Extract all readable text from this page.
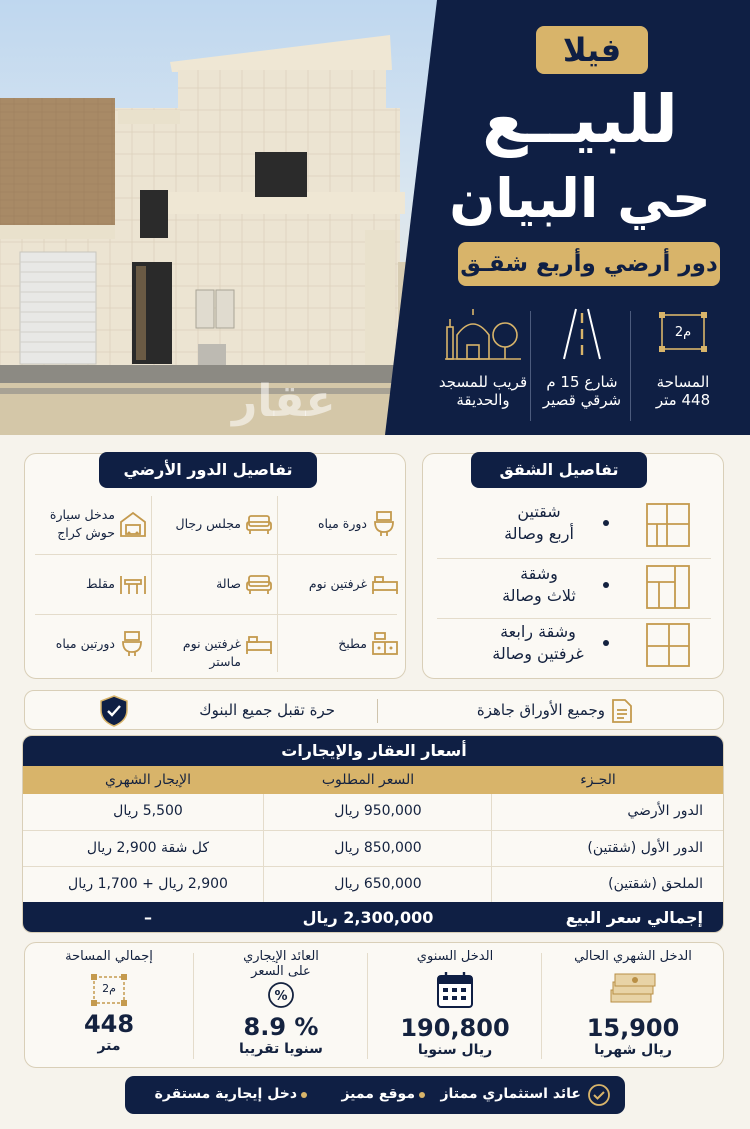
عقار
فيلا
للبيــع
حي البيان
دور أرضي وأربع شقـق
م2
المساحة
448 متر
شارع 15 م
شرقي قصير
قريب للمسجد
والحديقة
تفاصيل الشقق
شقتين
أربع وصالة
وشقة
ثلاث وصالة
وشقة رابعة
غرفتين وصالة
تفاصيل الدور الأرضي
دورة مياه
مجلس رجال
مدخل سيارة
حوش كراج
غرفتين نوم
صالة
مقلط
مطبخ
غرفتين نوم ماستر
دورتين مياه
وجميع الأوراق جاهزة
حرة تقبل جميع البنوك
أسعار العقار والإيجارات
الجـزء
السعر المطلوب
الإيجار الشهري
الدور الأرضي
950,000 ريال
5,500 ريال
الدور الأول (شقتين)
850,000 ريال
كل شقة 2,900 ريال
الملحق (شقتين)
650,000 ريال
2,900 ريال + 1,700 ريال
إجمالي سعر البيع
2,300,000 ريال
–
الدخل الشهري الحالي
15,900
ريال شهريا
الدخل السنوي
190,800
ريال سنويا
العائد الإيجاري
على السعر
%
8.9 %
سنويا تقريبا
إجمالي المساحة
م2
448
متر
عائد استثماري ممتاز
موقع مميز
دخل إيجارية مستقرة
